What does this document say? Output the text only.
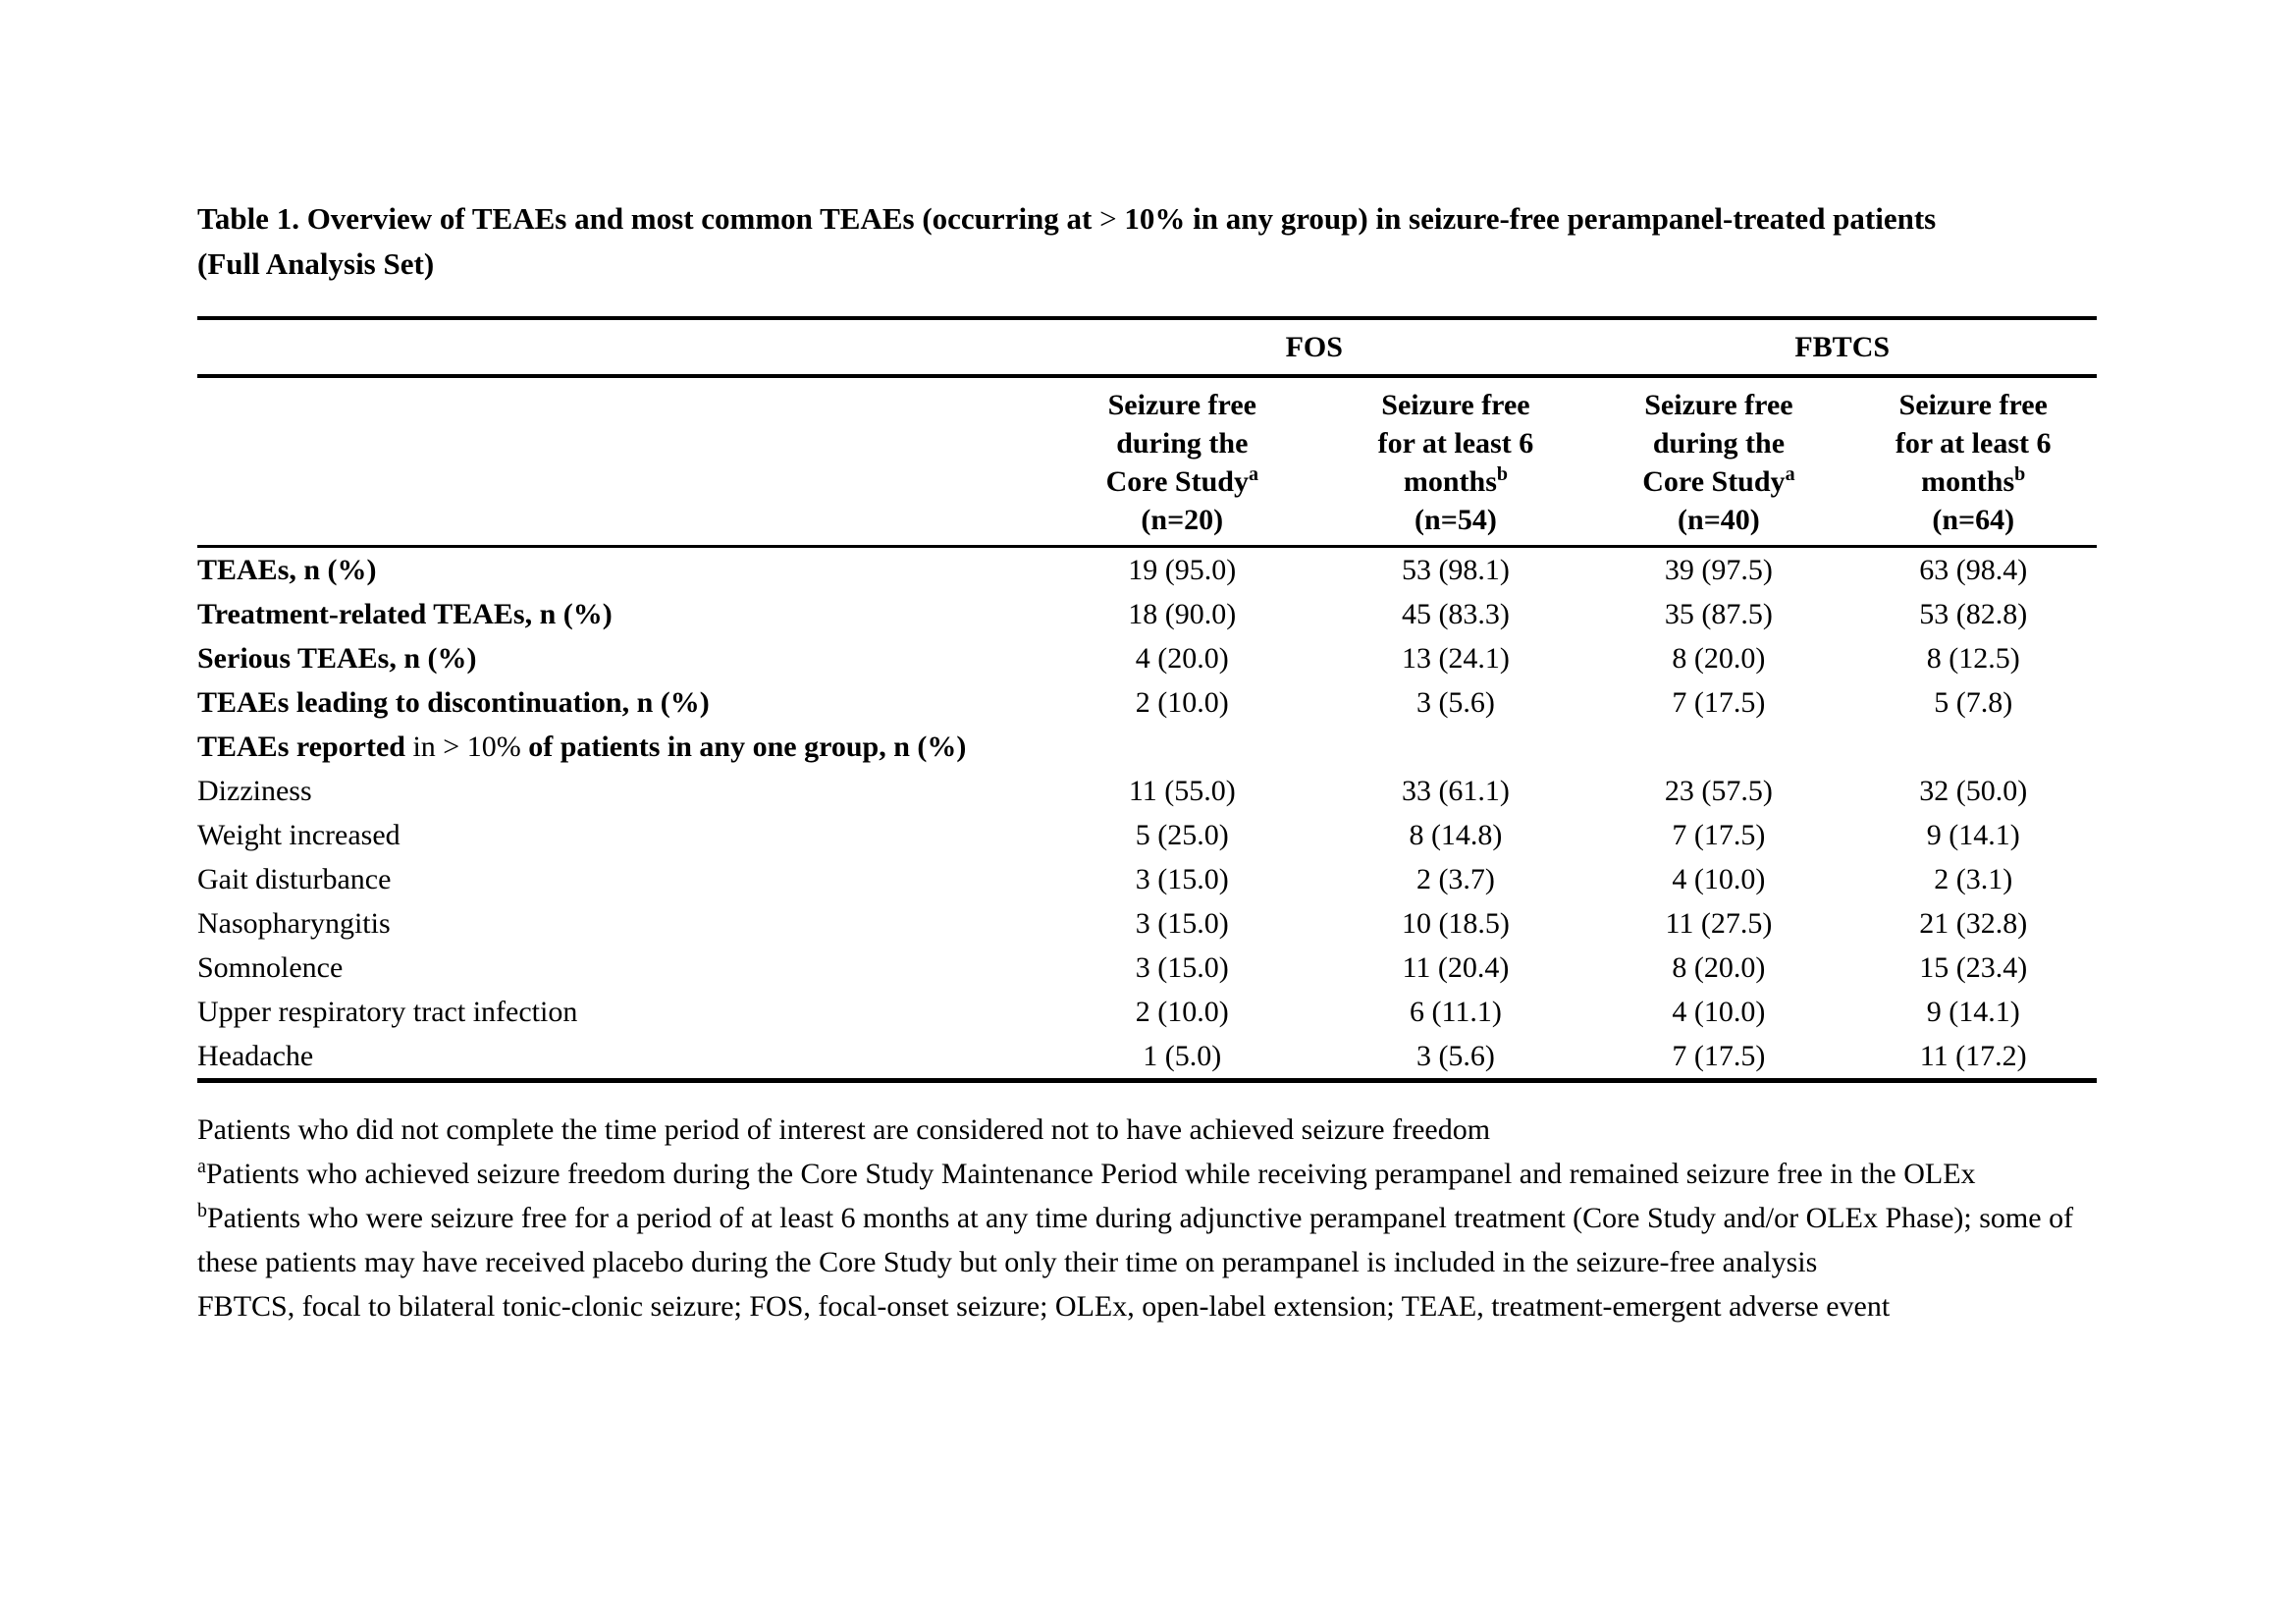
Table 1. Overview of TEAEs and most common TEAEs (occurring at > 10% in any group) in seizure-free perampanel-treated patients
(Full Analysis Set)

	FOS		FBTCS	
	Seizure free
during the
Core Study$^a$
(n=20)	Seizure free
for at least 6
months$^b$
(n=54)	Seizure free
during the
Core Study$^a$
(n=40)	Seizure free
for at least 6
months$^b$
(n=64)
TEAEs, n (%)	19 (95.0)	53 (98.1)	39 (97.5)	63 (98.4)
Treatment-related TEAEs, n (%)	18 (90.0)	45 (83.3)	35 (87.5)	53 (82.8)
Serious TEAEs, n (%)	4 (20.0)	13 (24.1)	8 (20.0)	8 (12.5)
TEAEs leading to discontinuation, n (%)	2 (10.0)	3 (5.6)	7 (17.5)	5 (7.8)
TEAEs reported in > 10% of patients in any one group, n (%)				
Dizziness	11 (55.0)	33 (61.1)	23 (57.5)	32 (50.0)
Weight increased	5 (25.0)	8 (14.8)	7 (17.5)	9 (14.1)
Gait disturbance	3 (15.0)	2 (3.7)	4 (10.0)	2 (3.1)
Nasopharyngitis	3 (15.0)	10 (18.5)	11 (27.5)	21 (32.8)
Somnolence	3 (15.0)	11 (20.4)	8 (20.0)	15 (23.4)
Upper respiratory tract infection	2 (10.0)	6 (11.1)	4 (10.0)	9 (14.1)
Headache	1 (5.0)	3 (5.6)	7 (17.5)	11 (17.2)

Patients who did not complete the time period of interest are considered not to have achieved seizure freedom

$^a$Patients who achieved seizure freedom during the Core Study Maintenance Period while receiving perampanel and remained seizure free in the OLEx

$^b$Patients who were seizure free for a period of at least 6 months at any time during adjunctive perampanel treatment (Core Study and/or OLEx Phase); some of these patients may have received placebo during the Core Study but only their time on perampanel is included in the seizure-free analysis

FBTCS, focal to bilateral tonic-clonic seizure; FOS, focal-onset seizure; OLEx, open-label extension; TEAE, treatment-emergent adverse event
